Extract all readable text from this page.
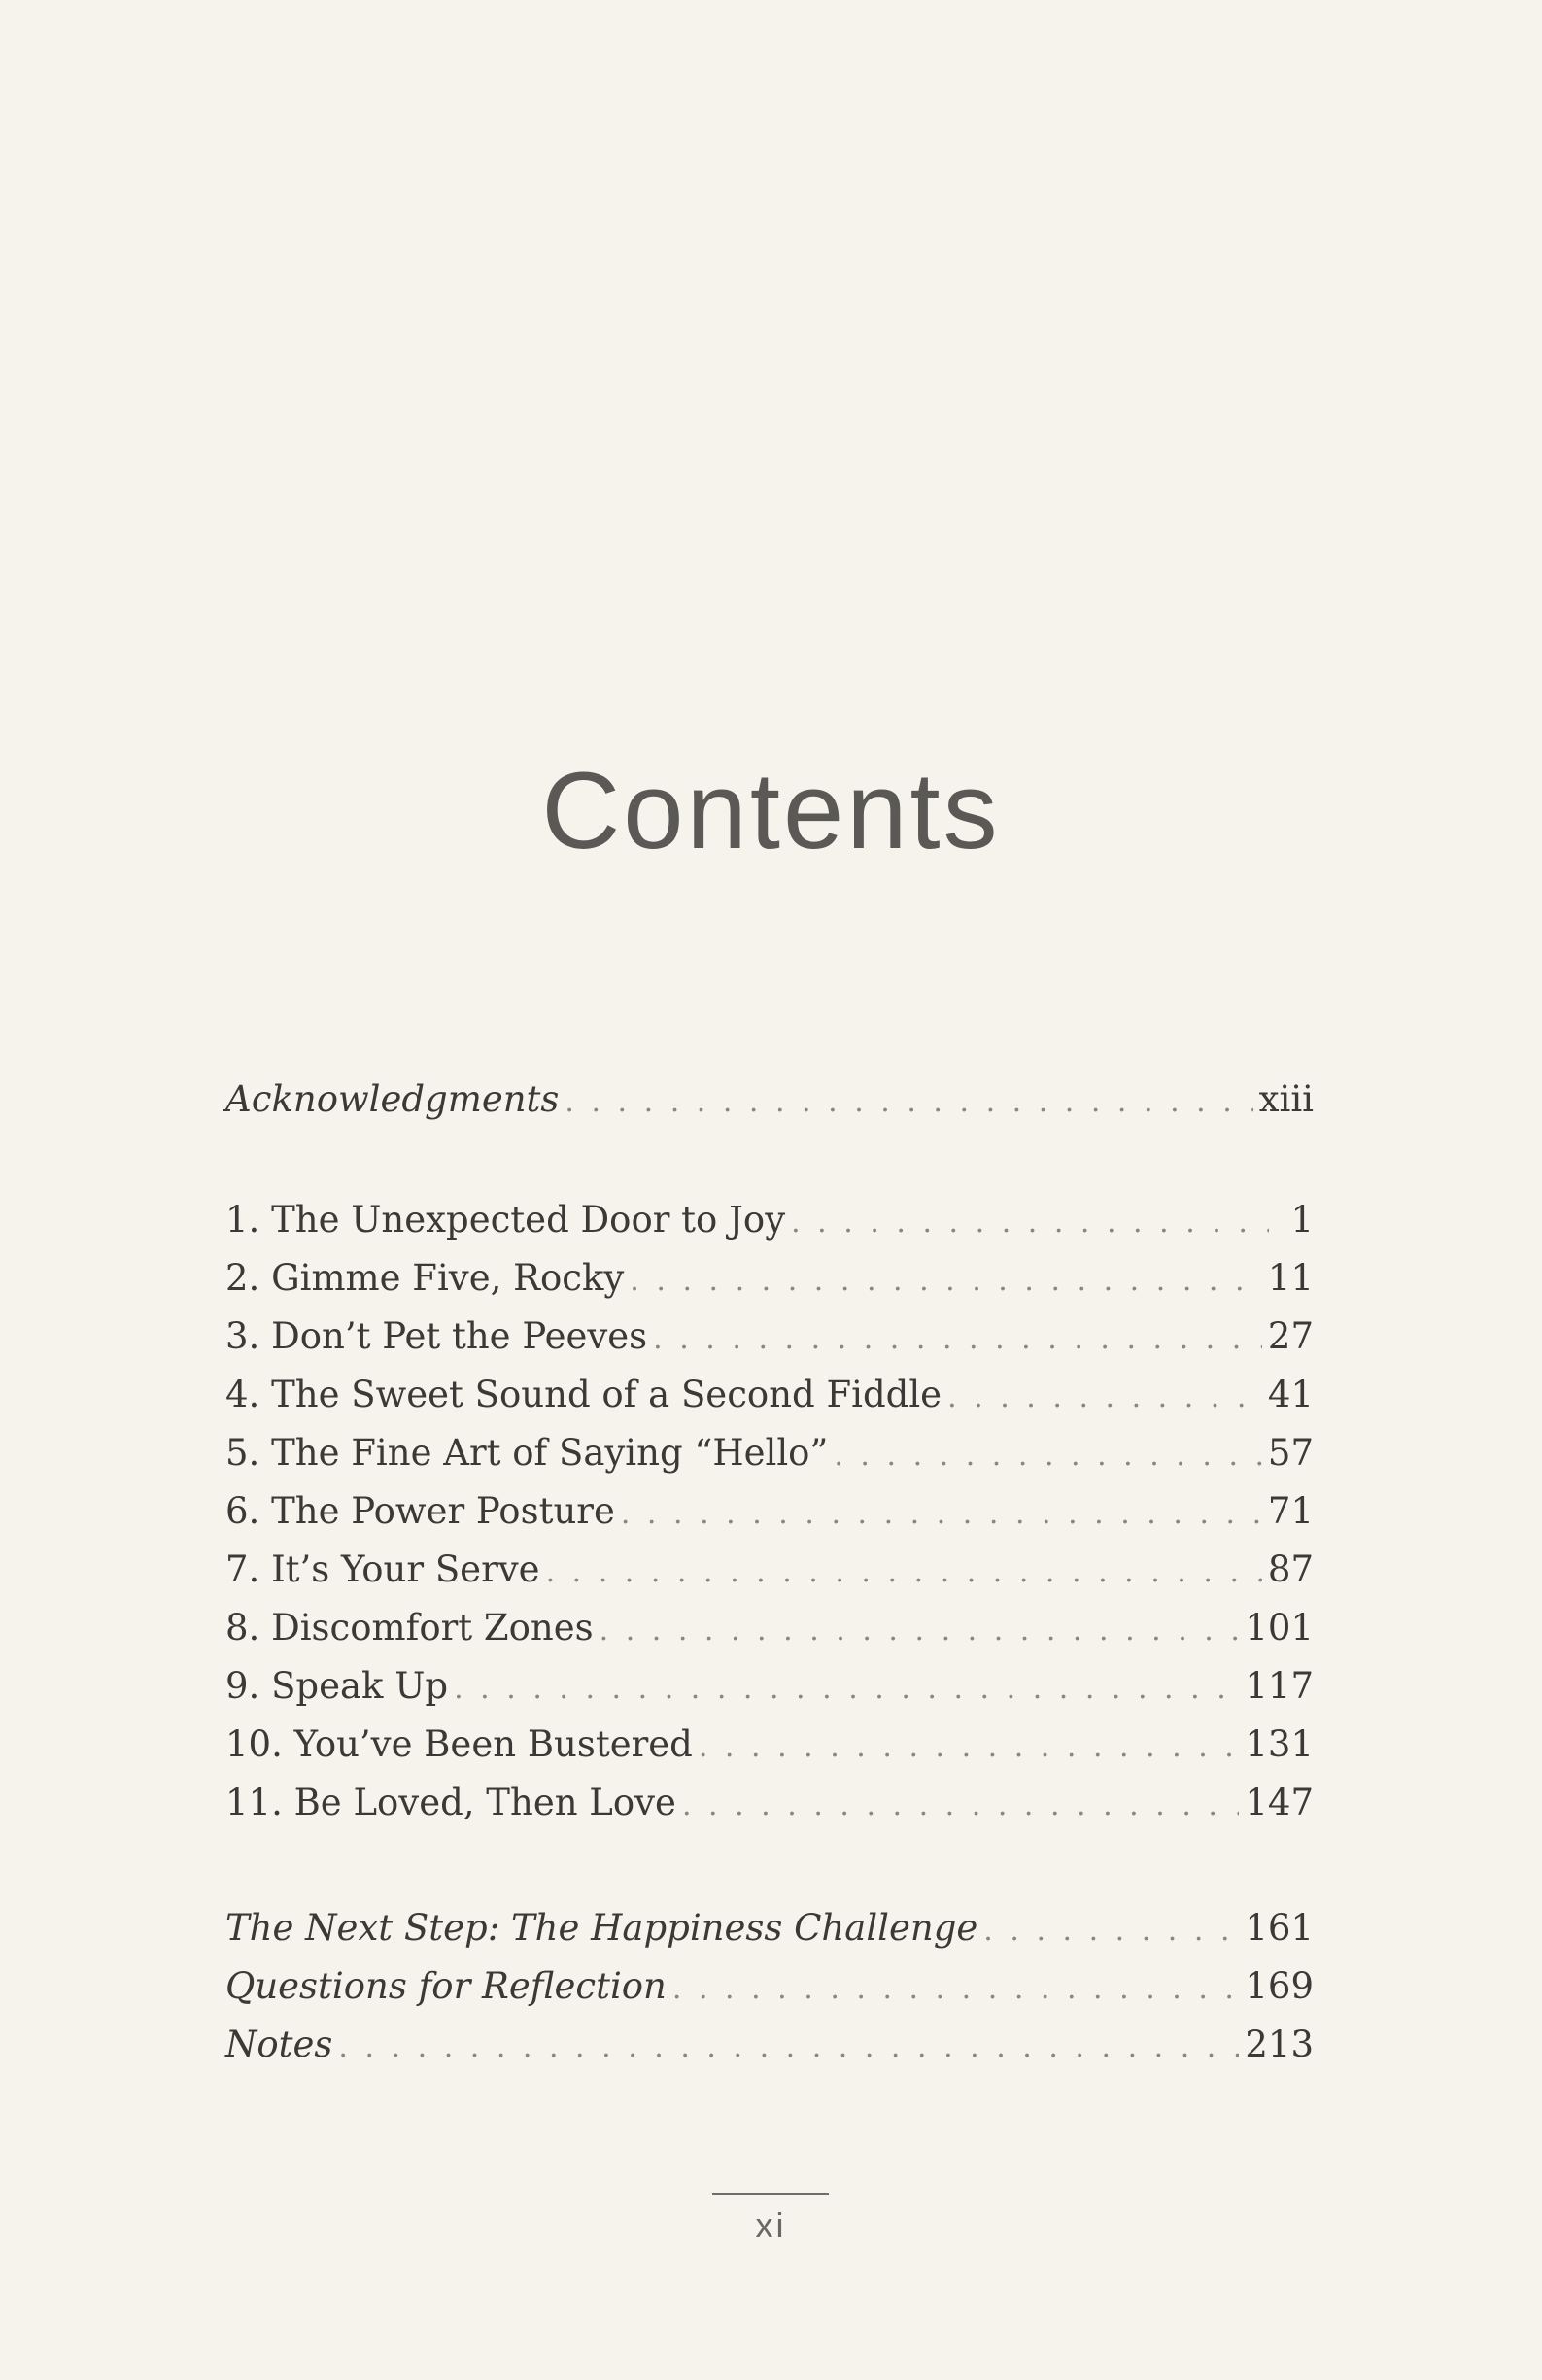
Contents
Acknowledgments . . .	xiii
1. The Unexpected Door to Joy . . .	1
2. Gimme Five, Rocky . . .	11
3. Don’t Pet the Peeves . . .	27
4. The Sweet Sound of a Second Fiddle . . .	41
5. The Fine Art of Saying “Hello” . . .	57
6. The Power Posture . . .	71
7. It’s Your Serve . . .	87
8. Discomfort Zones . . .	101
9. Speak Up . . .	117
10. You’ve Been Bustered . . .	131
11. Be Loved, Then Love . . .	147
The Next Step: The Happiness Challenge . . .	161
Questions for Reflection . . .	169
Notes . . .	213
xi
